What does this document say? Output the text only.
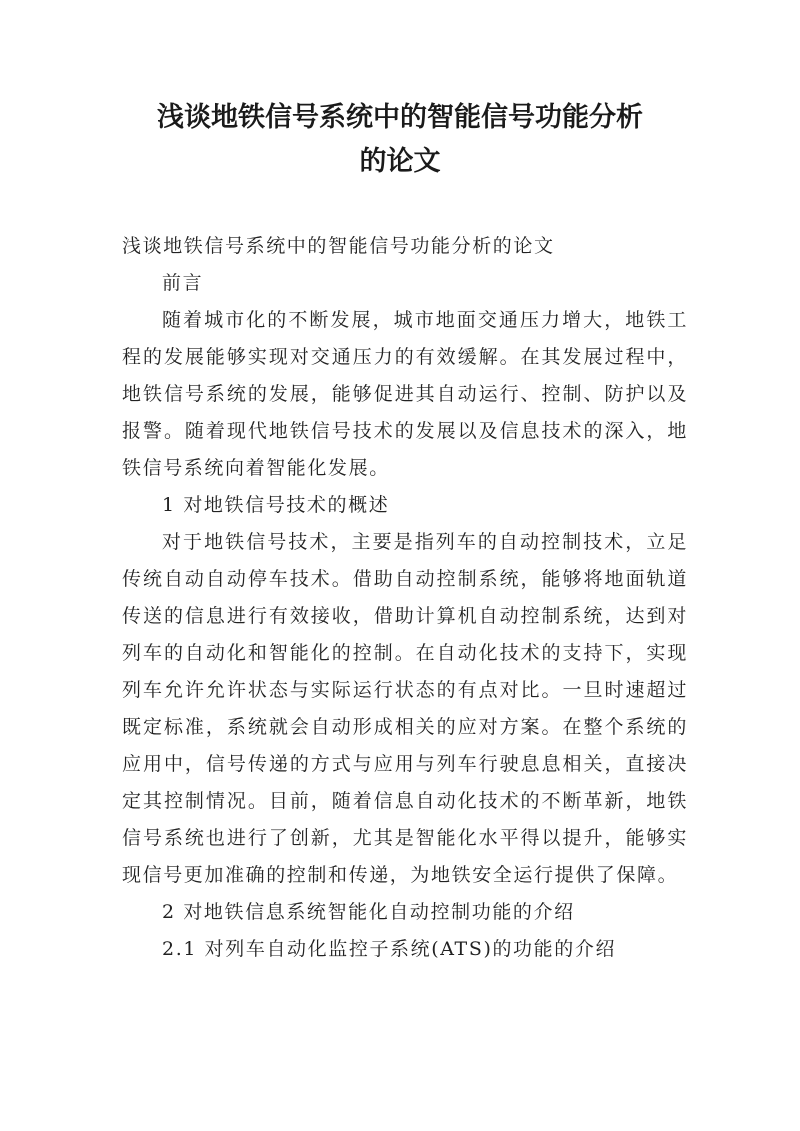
浅谈地铁信号系统中的智能信号功能分析
的论文

浅谈地铁信号系统中的智能信号功能分析的论文

前言

随着城市化的不断发展，城市地面交通压力增大，地铁工程的发展能够实现对交通压力的有效缓解。在其发展过程中，地铁信号系统的发展，能够促进其自动运行、控制、防护以及报警。随着现代地铁信号技术的发展以及信息技术的深入，地铁信号系统向着智能化发展。

1 对地铁信号技术的概述

对于地铁信号技术，主要是指列车的自动控制技术，立足传统自动自动停车技术。借助自动控制系统，能够将地面轨道传送的信息进行有效接收，借助计算机自动控制系统，达到对列车的自动化和智能化的控制。在自动化技术的支持下，实现列车允许允许状态与实际运行状态的有点对比。一旦时速超过既定标准，系统就会自动形成相关的应对方案。在整个系统的应用中，信号传递的方式与应用与列车行驶息息相关，直接决定其控制情况。目前，随着信息自动化技术的不断革新，地铁信号系统也进行了创新，尤其是智能化水平得以提升，能够实现信号更加准确的控制和传递，为地铁安全运行提供了保障。

2 对地铁信息系统智能化自动控制功能的介绍

2.1 对列车自动化监控子系统(ATS)的功能的介绍
